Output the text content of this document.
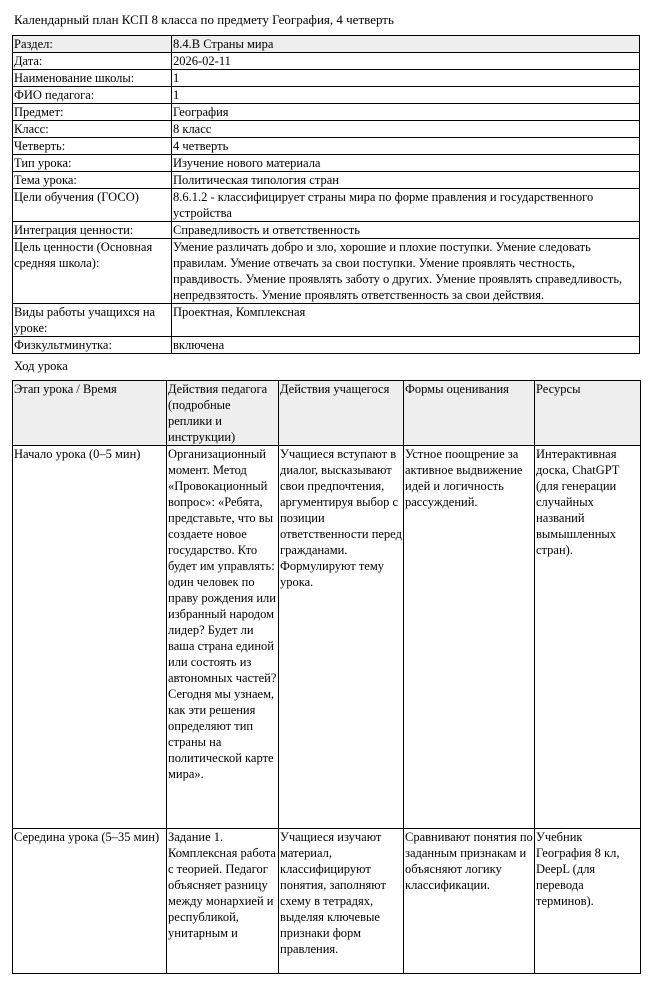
Календарный план КСП 8 класса по предмету География, 4 четверть
Раздел:	8.4.В Страны мира
Дата:	2026-02-11
Наименование школы:	1
ФИО педагога:	1
Предмет:	География
Класс:	8 класс
Четверть:	4 четверть
Тип урока:	Изучение нового материала
Тема урока:	Политическая типология стран
Цели обучения (ГОСО)	8.6.1.2 - классифицирует страны мира по форме правления и государственного устройства
Интеграция ценности:	Справедливость и ответственность
Цель ценности (Основная средняя школа):	Умение различать добро и зло, хорошие и плохие поступки. Умение следовать правилам. Умение отвечать за свои поступки. Умение проявлять честность, правдивость. Умение проявлять заботу о других. Умение проявлять справедливость, непредвзятость. Умение проявлять ответственность за свои действия.
Виды работы учащихся на уроке:	Проектная, Комплексная
Физкультминутка:	включена
Ход урока
Этап урока / Время	Действия педагога (подробные реплики и инструкции)	Действия учащегося	Формы оценивания	Ресурсы
Начало урока (0–5 мин)	Организационный момент. Метод «Провокационный вопрос»: «Ребята, представьте, что вы создаете новое государство. Кто будет им управлять: один человек по праву рождения или избранный народом лидер? Будет ли ваша страна единой или состоять из автономных частей? Сегодня мы узнаем, как эти решения определяют тип страны на политической карте мира».	Учащиеся вступают в диалог, высказывают свои предпочтения, аргументируя выбор с позиции ответственности перед гражданами. Формулируют тему урока.	Устное поощрение за активное выдвижение идей и логичность рассуждений.	Интерактивная доска, ChatGPT (для генерации случайных названий вымышленных стран).
Середина урока (5–35 мин)	Задание 1. Комплексная работа с теорией. Педагог объясняет разницу между монархией и республикой, унитарным и	Учащиеся изучают материал, классифицируют понятия, заполняют схему в тетрадях, выделяя ключевые признаки форм правления.	Сравнивают понятия по заданным признакам и объясняют логику классификации.	Учебник География 8 кл, DeepL (для перевода терминов).
